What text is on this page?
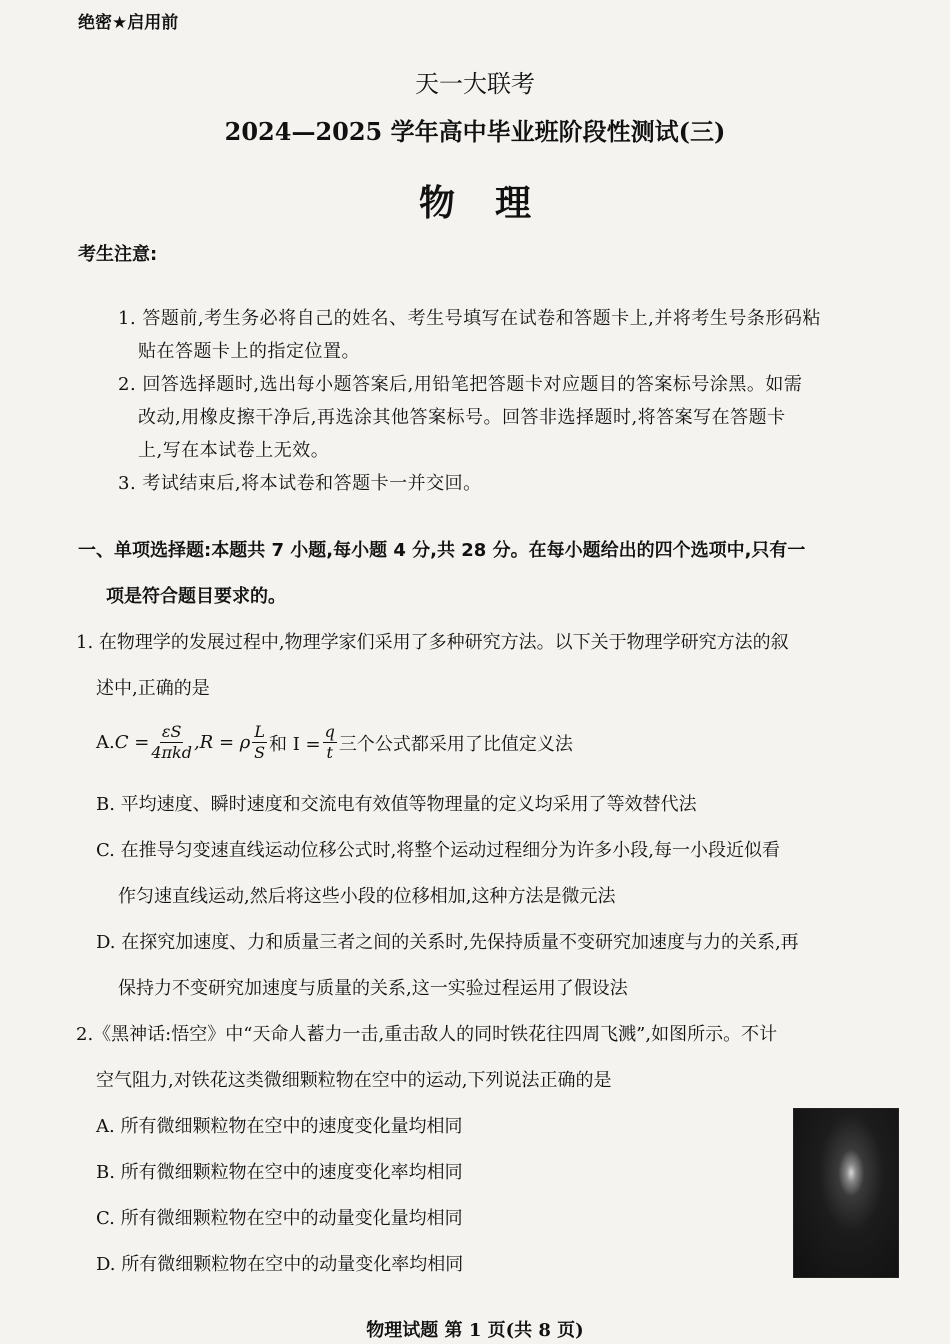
绝密★启用前
天一大联考
2024—2025 学年高中毕业班阶段性测试(三)
物理
考生注意:
1. 答题前,考生务必将自己的姓名、考生号填写在试卷和答题卡上,并将考生号条形码粘
贴在答题卡上的指定位置。
2. 回答选择题时,选出每小题答案后,用铅笔把答题卡对应题目的答案标号涂黑。如需
改动,用橡皮擦干净后,再选涂其他答案标号。回答非选择题时,将答案写在答题卡
上,写在本试卷上无效。
3. 考试结束后,将本试卷和答题卡一并交回。
一、单项选择题:本题共 7 小题,每小题 4 分,共 28 分。在每小题给出的四个选项中,只有一
项是符合题目要求的。
1. 在物理学的发展过程中,物理学家们采用了多种研究方法。以下关于物理学研究方法的叙
述中,正确的是
A. $C = \frac{\varepsilon S}{\text{4πkd}} ,R = \rho \frac{L}{S}$ 和 $I = \frac{q}{t}$ 三个公式都采用了比值定义法
B. 平均速度、瞬时速度和交流电有效值等物理量的定义均采用了等效替代法
C. 在推导匀变速直线运动位移公式时,将整个运动过程细分为许多小段,每一小段近似看
作匀速直线运动,然后将这些小段的位移相加,这种方法是微元法
D. 在探究加速度、力和质量三者之间的关系时,先保持质量不变研究加速度与力的关系,再
保持力不变研究加速度与质量的关系,这一实验过程运用了假设法
2.《黑神话:悟空》中“天命人蓄力一击,重击敌人的同时铁花往四周飞溅”,如图所示。不计
空气阻力,对铁花这类微细颗粒物在空中的运动,下列说法正确的是
A. 所有微细颗粒物在空中的速度变化量均相同
B. 所有微细颗粒物在空中的速度变化率均相同
C. 所有微细颗粒物在空中的动量变化量均相同
D. 所有微细颗粒物在空中的动量变化率均相同
物理试题 第 1 页(共 8 页)
